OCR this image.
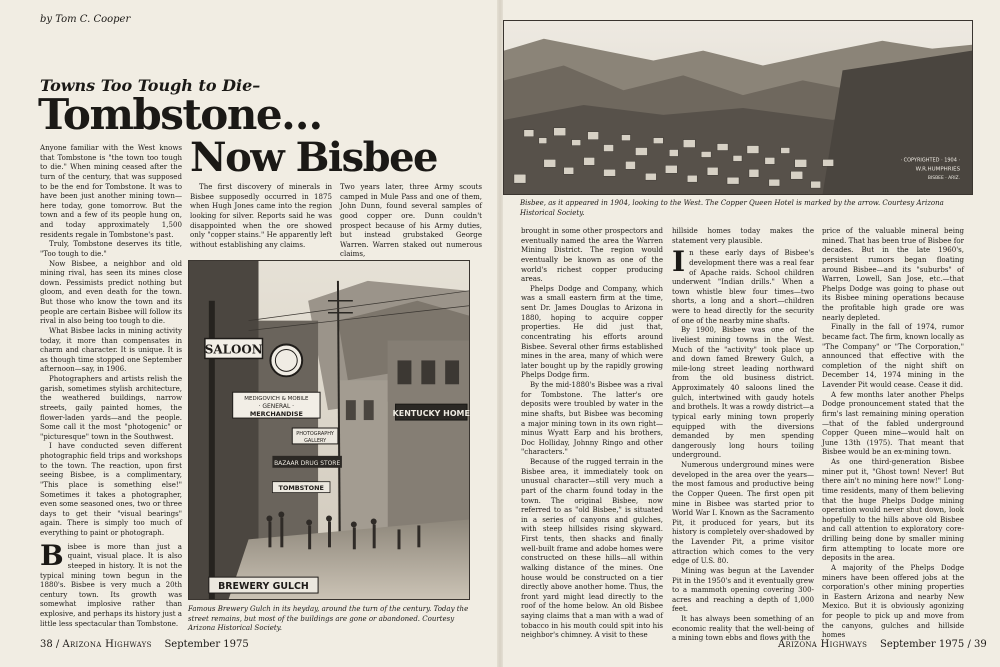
by Tom C. Cooper
Towns Too Tough to Die–
Tombstone…
Now Bisbee

Anyone familiar with the West knows that Tombstone is "the town too tough to die." When mining ceased after the turn of the century, that was supposed to be the end for Tombstone. It was to have been just another mining town—here today, gone tomorrow. But the town and a few of its people hung on, and today approximately 1,500 residents regale in Tombstone's past.

Truly, Tombstone deserves its title, "Too tough to die."

Now Bisbee, a neighbor and old mining rival, has seen its mines close down. Pessimists predict nothing but gloom, and even death for the town. But those who know the town and its people are certain Bisbee will follow its rival in also being too tough to die.

What Bisbee lacks in mining activity today, it more than compensates in charm and character. It is unique. It is as though time stopped one September afternoon—say, in 1906.

Photographers and artists relish the garish, sometimes stylish architecture, the weathered buildings, narrow streets, gaily painted homes, the flower-laden yards—and the people. Some call it the most "photogenic" or "picturesque" town in the Southwest.

I have conducted seven different photographic field trips and workshops to the town. The reaction, upon first seeing Bisbee, is a complimentary, "This place is something else!" Sometimes it takes a photographer, even some seasoned ones, two or three days to get their "visual bearings" again. There is simply too much of everything to paint or photograph.

Bisbee is more than just a quaint, visual place. It is also steeped in history. It is not the typical mining town begun in the 1880's. Bisbee is very much a 20th century town. Its growth was somewhat implosive rather than explosive, and perhaps its history just a little less spectacular than Tombstone.

The first discovery of minerals in Bisbee supposedly occurred in 1875 when Hugh Jones came into the region looking for silver. Reports said he was disappointed when the ore showed only "copper stains." He apparently left without establishing any claims.

Two years later, three Army scouts camped in Mule Pass and one of them, John Dunn, found several samples of good copper ore. Dunn couldn't prospect because of his Army duties, but instead grubstaked George Warren. Warren staked out numerous claims,

SALOON
MEDIGOVICH & MOBILE
· GENERAL ·
MERCHANDISE	KENTUCKY HOME
PHOTOGRAPHY
GALLERY
BAZAAR DRUG STORE
TOMBSTONE
BREWERY GULCH
Famous Brewery Gulch in its heyday, around the turn of the century. Today the street remains, but most of the buildings are gone or abandoned. Courtesy Arizona Historical Society.
38 / Arizona Highways September 1975
· COPYRIGHTED · 1904 ·
W.R.HUMPHRIES
BISBEE · ARIZ.
Bisbee, as it appeared in 1904, looking to the West. The Copper Queen Hotel is marked by the arrow. Courtesy Arizona Historical Society.

brought in some other prospectors and eventually named the area the Warren Mining District. The region would eventually be known as one of the world's richest copper producing areas.

Phelps Dodge and Company, which was a small eastern firm at the time, sent Dr. James Douglas to Arizona in 1880, hoping to acquire copper properties. He did just that, concentrating his efforts around Bisbee. Several other firms established mines in the area, many of which were later bought up by the rapidly growing Phelps Dodge firm.

By the mid-1880's Bisbee was a rival for Tombstone. The latter's ore deposits were troubled by water in the mine shafts, but Bisbee was becoming a major mining town in its own right—minus Wyatt Earp and his brothers, Doc Holliday, Johnny Ringo and other "characters."

Because of the rugged terrain in the Bisbee area, it immediately took on unusual character—still very much a part of the charm found today in the town. The original Bisbee, now referred to as "old Bisbee," is situated in a series of canyons and gulches, with steep hillsides rising skyward. First tents, then shacks and finally well-built frame and adobe homes were constructed on these hills—all within walking distance of the mines. One house would be constructed on a tier directly above another home. Thus, the front yard might lead directly to the roof of the home below. An old Bisbee saying claims that a man with a wad of tobacco in his mouth could spit into his neighbor's chimney. A visit to these

hillside homes today makes the statement very plausible.

In these early days of Bisbee's development there was a real fear of Apache raids. School children underwent "Indian drills." When a town whistle blew four times—two shorts, a long and a short—children were to head directly for the security of one of the nearby mine shafts.

By 1900, Bisbee was one of the liveliest mining towns in the West. Much of the "activity" took place up and down famed Brewery Gulch, a mile-long street leading northward from the old business district. Approximately 40 saloons lined the gulch, intertwined with gaudy hotels and brothels. It was a rowdy district—a typical early mining town properly equipped with the diversions demanded by men spending dangerously long hours toiling underground.

Numerous underground mines were developed in the area over the years—the most famous and productive being the Copper Queen. The first open pit mine in Bisbee was started prior to World War I. Known as the Sacramento Pit, it produced for years, but its history is completely over-shadowed by the Lavender Pit, a prime visitor attraction which comes to the very edge of U.S. 80.

Mining was begun at the Lavender Pit in the 1950's and it eventually grew to a mammoth opening covering 300-acres and reaching a depth of 1,000 feet.

It has always been something of an economic reality that the well-being of a mining town ebbs and flows with the

price of the valuable mineral being mined. That has been true of Bisbee for decades. But in the late 1960's, persistent rumors began floating around Bisbee—and its "suburbs" of Warren, Lowell, San Jose, etc.—that Phelps Dodge was going to phase out its Bisbee mining operations because the profitable high grade ore was nearly depleted.

Finally in the fall of 1974, rumor became fact. The firm, known locally as "The Company" or "The Corporation," announced that effective with the completion of the night shift on December 14, 1974 mining in the Lavender Pit would cease. Cease it did.

A few months later another Phelps Dodge pronouncement stated that the firm's last remaining mining operation—that of the fabled underground Copper Queen mine—would halt on June 13th (1975). That meant that Bisbee would be an ex-mining town.

As one third-generation Bisbee miner put it, "Ghost town! Never! But there ain't no mining here now!" Long-time residents, many of them believing that the huge Phelps Dodge mining operation would never shut down, look hopefully to the hills above old Bisbee and call attention to exploratory core-drilling being done by smaller mining firm attempting to locate more ore deposits in the area.

A majority of the Phelps Dodge miners have been offered jobs at the corporation's other mining properties in Eastern Arizona and nearby New Mexico. But it is obviously agonizing for people to pick up and move from the canyons, gulches and hillside homes

Arizona Highways September 1975 / 39
